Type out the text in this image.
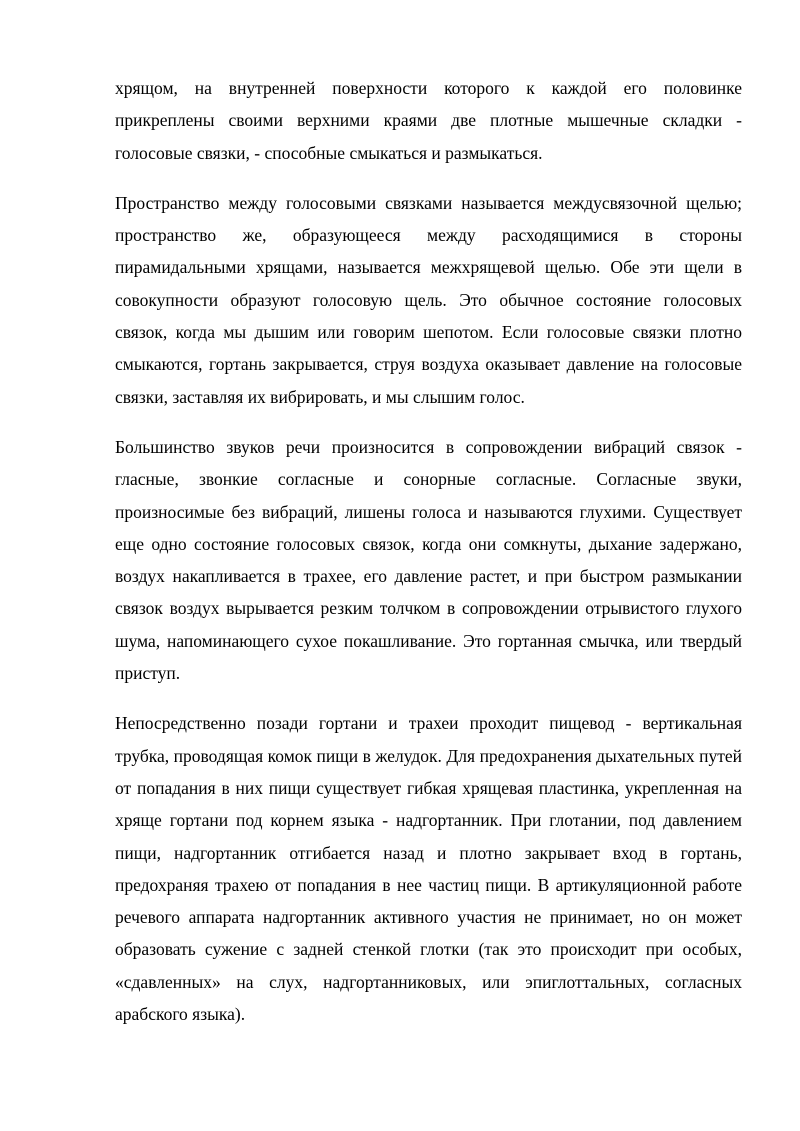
хрящом, на внутренней поверхности которого к каждой его половинке прикреплены своими верхними краями две плотные мышечные складки - голосовые связки, - способные смыкаться и размыкаться.

Пространство между голосовыми связками называется междусвязочной щелью; пространство же, образующееся между расходящимися в стороны пирамидальными хрящами, называется межхрящевой щелью. Обе эти щели в совокупности образуют голосовую щель. Это обычное состояние голосовых связок, когда мы дышим или говорим шепотом. Если голосовые связки плотно смыкаются, гортань закрывается, струя воздуха оказывает давление на голосовые связки, заставляя их вибрировать, и мы слышим голос.

Большинство звуков речи произносится в сопровождении вибраций связок - гласные, звонкие согласные и сонорные согласные. Согласные звуки, произносимые без вибраций, лишены голоса и называются глухими. Существует еще одно состояние голосовых связок, когда они сомкнуты, дыхание задержано, воздух накапливается в трахее, его давление растет, и при быстром размыкании связок воздух вырывается резким толчком в сопровождении отрывистого глухого шума, напоминающего сухое покашливание. Это гортанная смычка, или твердый приступ.

Непосредственно позади гортани и трахеи проходит пищевод - вертикальная трубка, проводящая комок пищи в желудок. Для предохранения дыхательных путей от попадания в них пищи существует гибкая хрящевая пластинка, укрепленная на хряще гортани под корнем языка - надгортанник. При глотании, под давлением пищи, надгортанник отгибается назад и плотно закрывает вход в гортань, предохраняя трахею от попадания в нее частиц пищи. В артикуляционной работе речевого аппарата надгортанник активного участия не принимает, но он может образовать сужение с задней стенкой глотки (так это происходит при особых, «сдавленных» на слух, надгортанниковых, или эпиглоттальных, согласных арабского языка).
